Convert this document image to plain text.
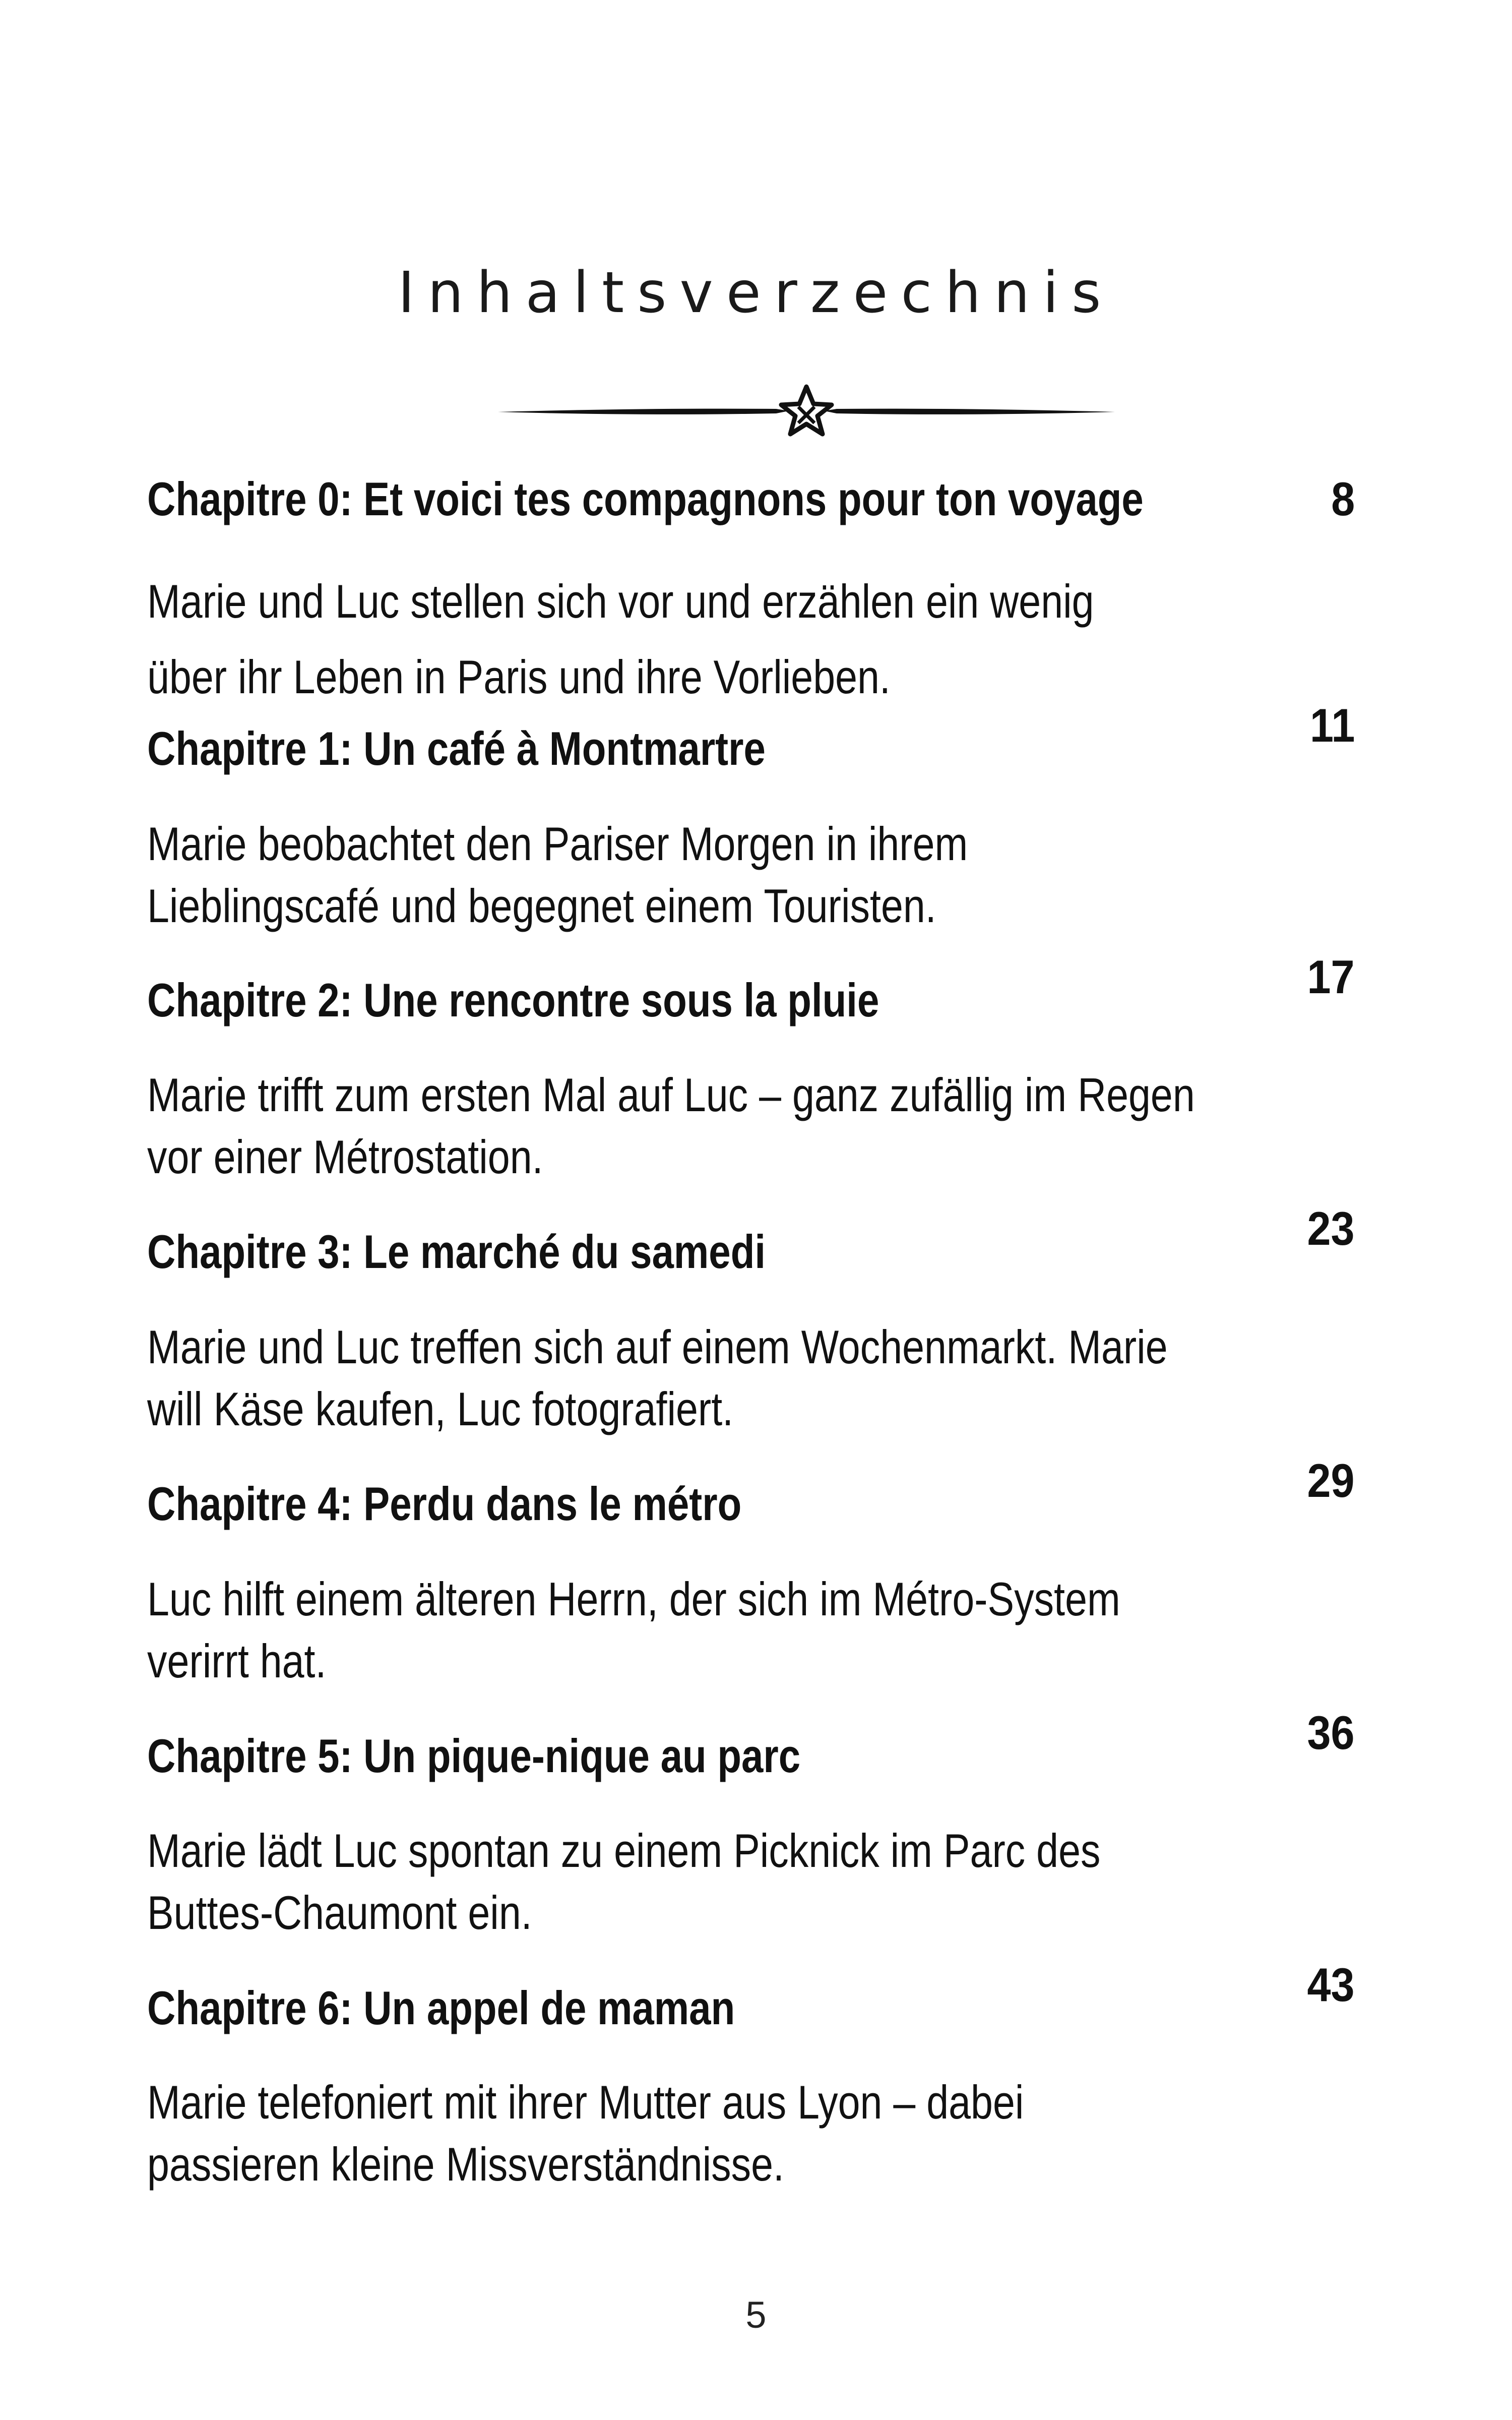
Inhaltsverzechnis
Chapitre 0: Et voici tes compagnons pour ton voyage	8
Marie und Luc stellen sich vor und erzählen ein wenig
über ihr Leben in Paris und ihre Vorlieben.
Chapitre 1: Un café à Montmartre	11
Marie beobachtet den Pariser Morgen in ihrem
Lieblingscafé und begegnet einem Touristen.
Chapitre 2: Une rencontre sous la pluie	17
Marie trifft zum ersten Mal auf Luc – ganz zufällig im Regen
vor einer Métrostation.
Chapitre 3: Le marché du samedi	23
Marie und Luc treffen sich auf einem Wochenmarkt. Marie
will Käse kaufen, Luc fotografiert.
Chapitre 4: Perdu dans le métro	29
Luc hilft einem älteren Herrn, der sich im Métro-System
verirrt hat.
Chapitre 5: Un pique-nique au parc	36
Marie lädt Luc spontan zu einem Picknick im Parc des
Buttes-Chaumont ein.
Chapitre 6: Un appel de maman	43
Marie telefoniert mit ihrer Mutter aus Lyon – dabei
passieren kleine Missverständnisse.
5
